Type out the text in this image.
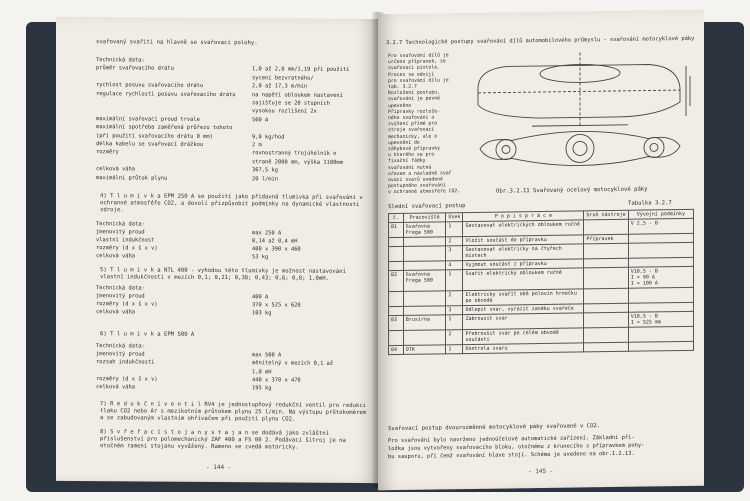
svařovaný svařiti na hlavně se svařovací polohy.
Technická data:
průměr svařovacího drátu	1,0 až 2,0 mm/1,19 při použití
sycení bezvratného/
rychlost posuvu svařovacího drátu	2,0 až 17,3 m/min
regulace rychlosti posuvu svařovacího drátu	na napětí obloukem nastavení
zajišťuje se 20 stupních
vysokou rozlišení 2x
maximální svařovací proud trvale	500 A
maximální spotřeba zaměřená průřezu tohoto
(při použití svařovacího drátu 0 mm)	9,0 kg/hod
délka kabelu se svařovací drážkou	2 m
rozměry	rovnostranný trojúhelník o
straně 2000 mm, výška 1100mm
celková váha	367,5 kg
maximální průtok plynu	20 l/min
4) T l u m i v k a EPM 250 A se použití jako přídavná tlumivka při svařování v ochranné atmosféře CO2, a dovolí přizpůsobit podmínky na dynamické vlastnosti zdroje.
Technická data:
jmenovitý proud	max 250 A
vlastní indukčnost	0,14 až 0,4 mH
rozměry (d x š x v)	400 x 390 x 460
celková váha	53 kg
5) T l u m i v k a NTL 400 - vyhodou této tlumivky je možnost nastavování vlastní indukčnosti v mezích 0,1; 0,21; 0,38; 0,43; 0,6; 0,8; 1,0mH.
Technická data:
jmenovitý proud	400 A
rozměry (d x š x v)	370 x 525 x 620
celková váha	103 kg
6) T l u m i v k a EPM 500 A
Technická data:
jmenovitý proud	max 500 A
rozsah indukčnosti	měnitelný v mezích 0,1 až
1,0 mH
rozměry (d x š x v)	440 x 370 x 470
celková váha	195 kg
7) R e d u k č n í v e n t i l RV4 je jednostupňový redukční ventil pro redukci tlaku CO2 nebo Ar s mezikotním průtokem plynu 25 l/min. Na výstupu průtokoměrem a se zabudovaným vlastním ohřívačem při použití plynu CO2.
8) S v ř e ř a c í s t o j a n y s t a j a n se dodává jako zvláštní příslušenství pro polomechanický ZAF 400 a FS 00 2. Podávací šitroj je na otočném rameni stojanu vyvážený. Rameno se zvedá motoricky.
- 144 -
3.2.7 Technologické postupy svařování dílů automobilového průmyslu - svařování motocyklové páky
Pro svařování dílů je
určeno přípravek, se
svařovací pistole.
Proces se odvíjí
pro svařování dílu je
tab. 3.2.7
Rozložení postupu,
svařování je pevně
upevněno
Přípravky rozlože-
ného svařování a
zvýšení přímé pro
stroje svařovací
mechanicky, ale o
upevnění do
záhybové přípravky
u kterého se pro
fixační řádky
svařování nutná
ořezem a následně svař
ovací svarů uvedené
postupného svařování
v ochranné atmosféře CO2.	Obr.3.2.11 Svařovaný ocelový motocyklové páky
Slední svařovací postup	Tabulka 3.2.7
č.	Pracoviště	Úsek	P o p i s p r á c e	Druh nástroje	Vývojní podmínky
01	Svařovna Frega 500	1	Sestavovat elektrických obloukem ručně		V 2,5 - B
		2	Vložit součást do přípravku	Přípravek	
		3	Sestavovat elektricky na čtyřech místech		
		4	Vyjmout součást z přípravku		
02	Svařovna Frega 500	1	Svařit elektricky obloukem ručně		V10,5 - B
I = 90 A
I = 100 A
		2	Elektricky svařit obě polovin hrnečku po obvodě		
		3	Odlepit svar, vyrazit zanéku svařeče		
03	Brusírna	1	Zabrousit svar		V10,5 - B
I = 525 mm
		2	Přebroušit svar po celém obvodě součásti		
04	OTK	1	Kontrola svaru		
Svařovací postup dvourozměnné motocyklové páky svařované v CO2.
Pro svařování bylo navrženo jednoúčelové automatické zařízení. Základní pří-
ložka jsou vytvořeny svařovacího bloku, otočnému z krunecího s přípravkem pohy-
bu sauporu, při čemž svařování hlave stojí. Schéma je uvedeno na obr.1.2.13.
- 145 -
